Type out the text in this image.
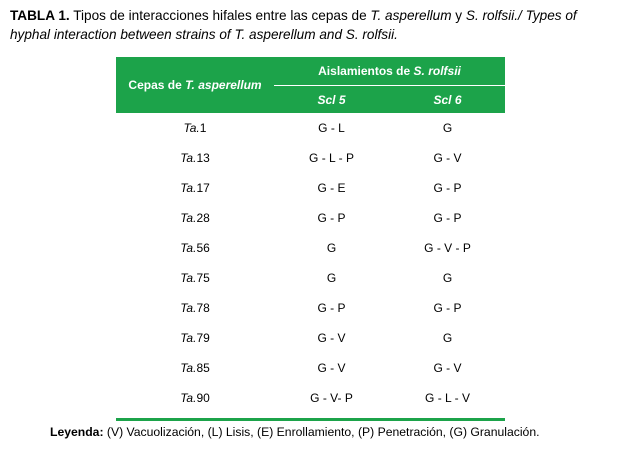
TABLA 1. Tipos de interacciones hifales entre las cepas de T. asperellum y S. rolfsii./ Types of hyphal interaction between strains of T. asperellum and S. rolfsii.
Cepas de
T. asperellum
Aislamientos de
S. rolfsii
Scl 5	Scl 6
Ta. 1	G - L	G
Ta. 13	G - L - P	G - V
Ta. 17	G - E	G - P
Ta. 28	G - P	G - P
Ta. 56	G	G - V - P
Ta. 75	G	G
Ta. 78	G - P	G - P
Ta. 79	G - V	G
Ta. 85	G - V	G - V
Ta. 90	G - V- P	G - L - V
Leyenda: (V) Vacuolización, (L) Lisis, (E) Enrollamiento, (P) Penetración, (G) Granulación.
